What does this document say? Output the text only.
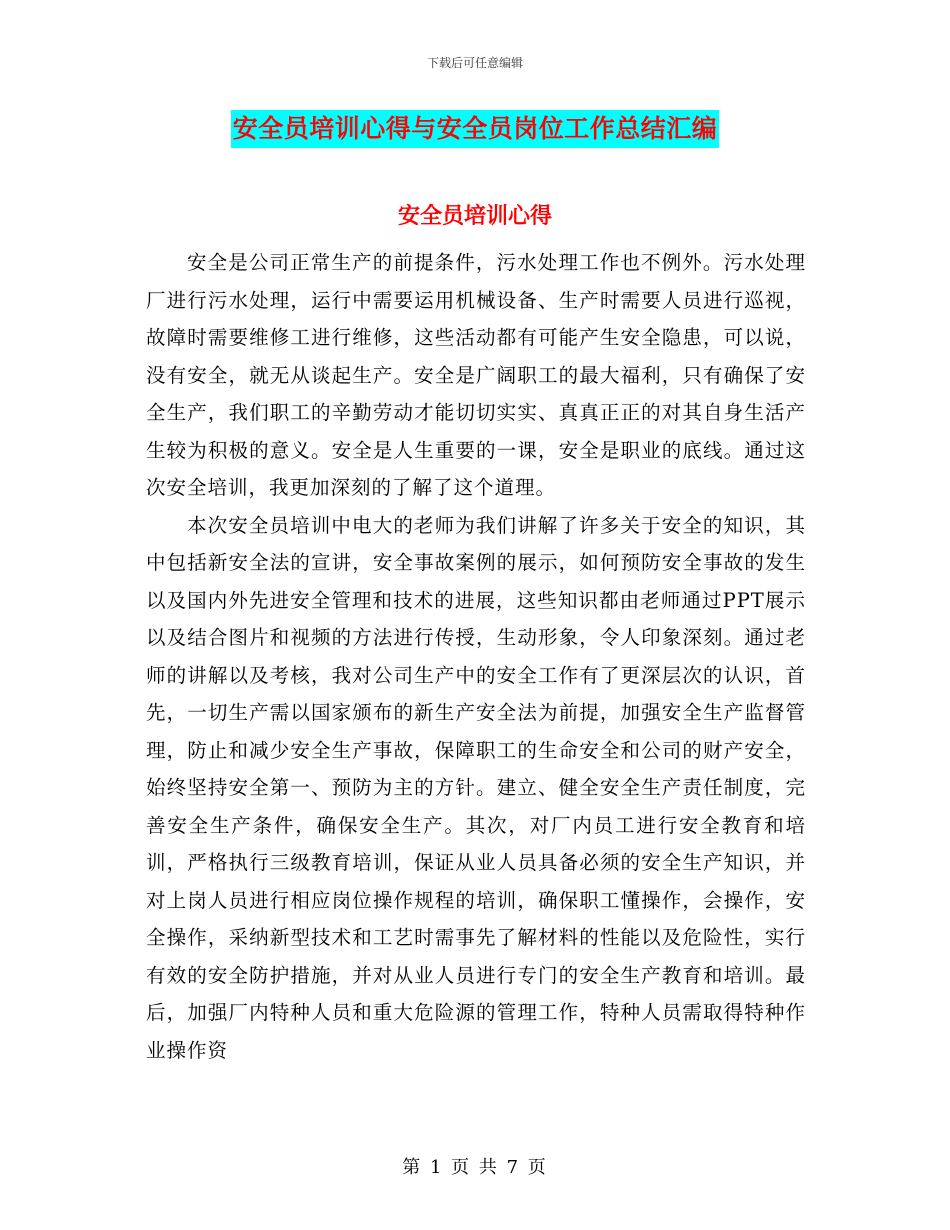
下载后可任意编辑
安全员培训心得与安全员岗位工作总结汇编
安全员培训心得

安全是公司正常生产的前提条件，污水处理工作也不例外。污水处理厂进行污水处理，运行中需要运用机械设备、生产时需要人员进行巡视，故障时需要维修工进行维修，这些活动都有可能产生安全隐患，可以说，没有安全，就无从谈起生产。安全是广阔职工的最大福利，只有确保了安全生产，我们职工的辛勤劳动才能切切实实、真真正正的对其自身生活产生较为积极的意义。安全是人生重要的一课，安全是职业的底线。通过这次安全培训，我更加深刻的了解了这个道理。

本次安全员培训中电大的老师为我们讲解了许多关于安全的知识，其中包括新安全法的宣讲，安全事故案例的展示，如何预防安全事故的发生以及国内外先进安全管理和技术的进展，这些知识都由老师通过PPT展示以及结合图片和视频的方法进行传授，生动形象，令人印象深刻。通过老师的讲解以及考核，我对公司生产中的安全工作有了更深层次的认识，首先，一切生产需以国家颁布的新生产安全法为前提，加强安全生产监督管理，防止和减少安全生产事故，保障职工的生命安全和公司的财产安全，始终坚持安全第一、预防为主的方针。建立、健全安全生产责任制度，完善安全生产条件，确保安全生产。其次，对厂内员工进行安全教育和培训，严格执行三级教育培训，保证从业人员具备必须的安全生产知识，并对上岗人员进行相应岗位操作规程的培训，确保职工懂操作，会操作，安全操作，采纳新型技术和工艺时需事先了解材料的性能以及危险性，实行有效的安全防护措施，并对从业人员进行专门的安全生产教育和培训。最后，加强厂内特种人员和重大危险源的管理工作，特种人员需取得特种作业操作资

第 1 页 共 7 页
